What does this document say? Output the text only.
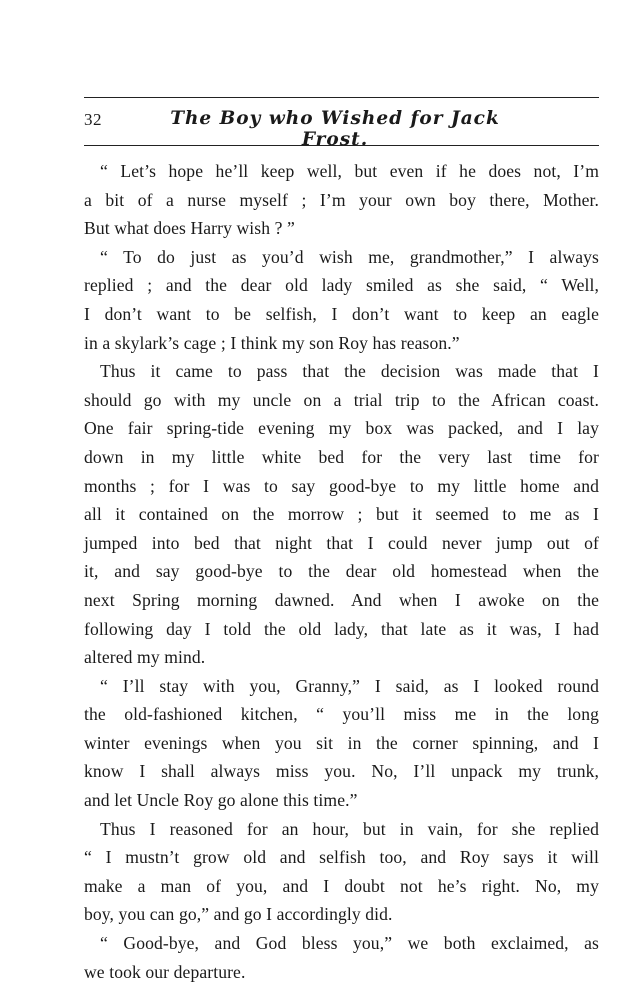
32	The Boy who Wished for Jack Frost.
“ Let’s hope he’ll keep well, but even if he does not, I’m
a bit of a nurse myself ; I’m your own boy there, Mother.
But what does Harry wish ? ”
“ To do just as you’d wish me, grandmother,” I always
replied ; and the dear old lady smiled as she said, “ Well,
I don’t want to be selfish, I don’t want to keep an eagle
in a skylark’s cage ; I think my son Roy has reason.”
Thus it came to pass that the decision was made that I
should go with my uncle on a trial trip to the African coast.
One fair spring-tide evening my box was packed, and I lay
down in my little white bed for the very last time for
months ; for I was to say good-bye to my little home and
all it contained on the morrow ; but it seemed to me as I
jumped into bed that night that I could never jump out of
it, and say good-bye to the dear old homestead when the
next Spring morning dawned. And when I awoke on the
following day I told the old lady, that late as it was, I had
altered my mind.
“ I’ll stay with you, Granny,” I said, as I looked round
the old-fashioned kitchen, “ you’ll miss me in the long
winter evenings when you sit in the corner spinning, and I
know I shall always miss you. No, I’ll unpack my trunk,
and let Uncle Roy go alone this time.”
Thus I reasoned for an hour, but in vain, for she replied
“ I mustn’t grow old and selfish too, and Roy says it will
make a man of you, and I doubt not he’s right. No, my
boy, you can go,” and go I accordingly did.
“ Good-bye, and God bless you,” we both exclaimed, as
we took our departure.
